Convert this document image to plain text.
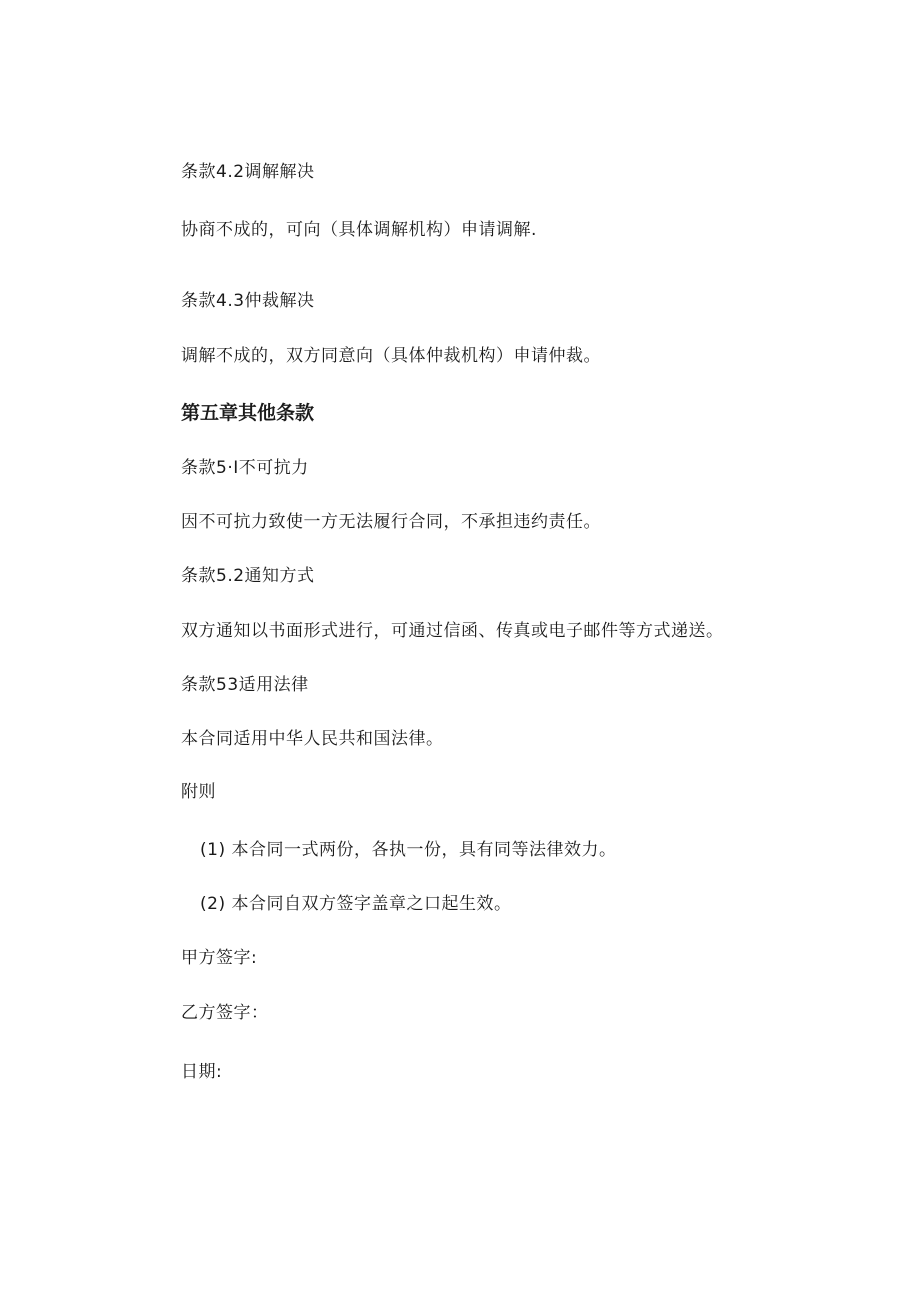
条款4.2调解解决
协商不成的，可向（具体调解机构）申请调解.
条款4.3仲裁解决
调解不成的，双方同意向（具体仲裁机构）申请仲裁。
第五章其他条款
条款5·I不可抗力
因不可抗力致使一方无法履行合同，不承担违约责任。
条款5.2通知方式
双方通知以书面形式进行，可通过信函、传真或电子邮件等方式递送。
条款53适用法律
本合同适用中华人民共和国法律。
附则
(1) 本合同一式两份，各执一份，具有同等法律效力。
(2) 本合同自双方签字盖章之口起生效。
甲方签字:
乙方签字：
日期:
